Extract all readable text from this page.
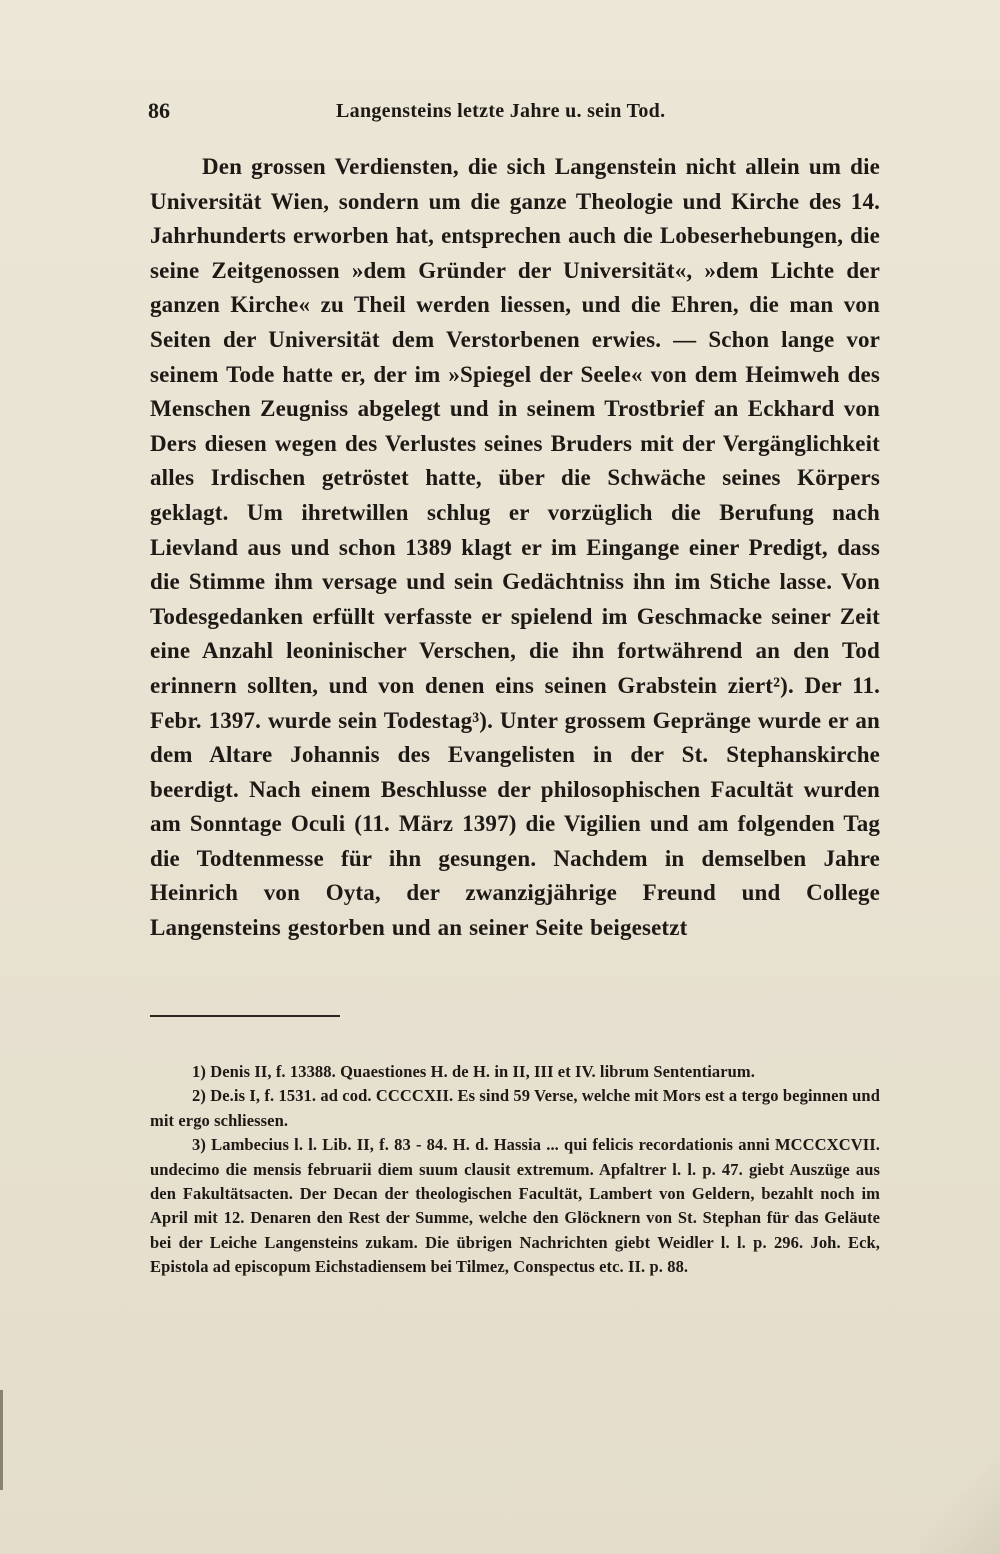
86	Langensteins letzte Jahre u. sein Tod.

Den grossen Verdiensten, die sich Langenstein nicht allein um die Universität Wien, sondern um die ganze Theologie und Kirche des 14. Jahrhunderts erworben hat, entsprechen auch die Lobeserhebungen, die seine Zeitgenossen »dem Gründer der Universität«, »dem Lichte der ganzen Kirche« zu Theil werden liessen, und die Ehren, die man von Seiten der Universität dem Verstorbenen erwies. — Schon lange vor seinem Tode hatte er, der im »Spiegel der Seele« von dem Heimweh des Menschen Zeugniss abgelegt und in seinem Trostbrief an Eckhard von Ders diesen wegen des Verlustes seines Bruders mit der Vergänglichkeit alles Irdischen getröstet hatte, über die Schwäche seines Körpers geklagt. Um ihretwillen schlug er vorzüglich die Berufung nach Lievland aus und schon 1389 klagt er im Eingange einer Predigt, dass die Stimme ihm versage und sein Gedächtniss ihn im Stiche lasse. Von Todesgedanken erfüllt verfasste er spielend im Geschmacke seiner Zeit eine Anzahl leoninischer Verschen, die ihn fortwährend an den Tod erinnern sollten, und von denen eins seinen Grabstein ziert²). Der 11. Febr. 1397. wurde sein Todestag³). Unter grossem Gepränge wurde er an dem Altare Johannis des Evangelisten in der St. Stephanskirche beerdigt. Nach einem Beschlusse der philosophischen Facultät wurden am Sonntage Oculi (11. März 1397) die Vigilien und am folgenden Tag die Todtenmesse für ihn gesungen. Nachdem in demselben Jahre Heinrich von Oyta, der zwanzigjährige Freund und College Langensteins gestorben und an seiner Seite beigesetzt

1) Denis II, f. 13388. Quaestiones H. de H. in II, III et IV. librum Sententiarum.

2) De.is I, f. 1531. ad cod. CCCCXII. Es sind 59 Verse, welche mit Mors est a tergo beginnen und mit ergo schliessen.

3) Lambecius l. l. Lib. II, f. 83 - 84. H. d. Hassia ... qui felicis recordationis anni MCCCXCVII. undecimo die mensis februarii diem suum clausit extremum. Apfaltrer l. l. p. 47. giebt Auszüge aus den Fakultätsacten. Der Decan der theologischen Facultät, Lambert von Geldern, bezahlt noch im April mit 12. Denaren den Rest der Summe, welche den Glöcknern von St. Stephan für das Geläute bei der Leiche Langensteins zukam. Die übrigen Nachrichten giebt Weidler l. l. p. 296. Joh. Eck, Epistola ad episcopum Eichstadiensem bei Tilmez, Conspectus etc. II. p. 88.
